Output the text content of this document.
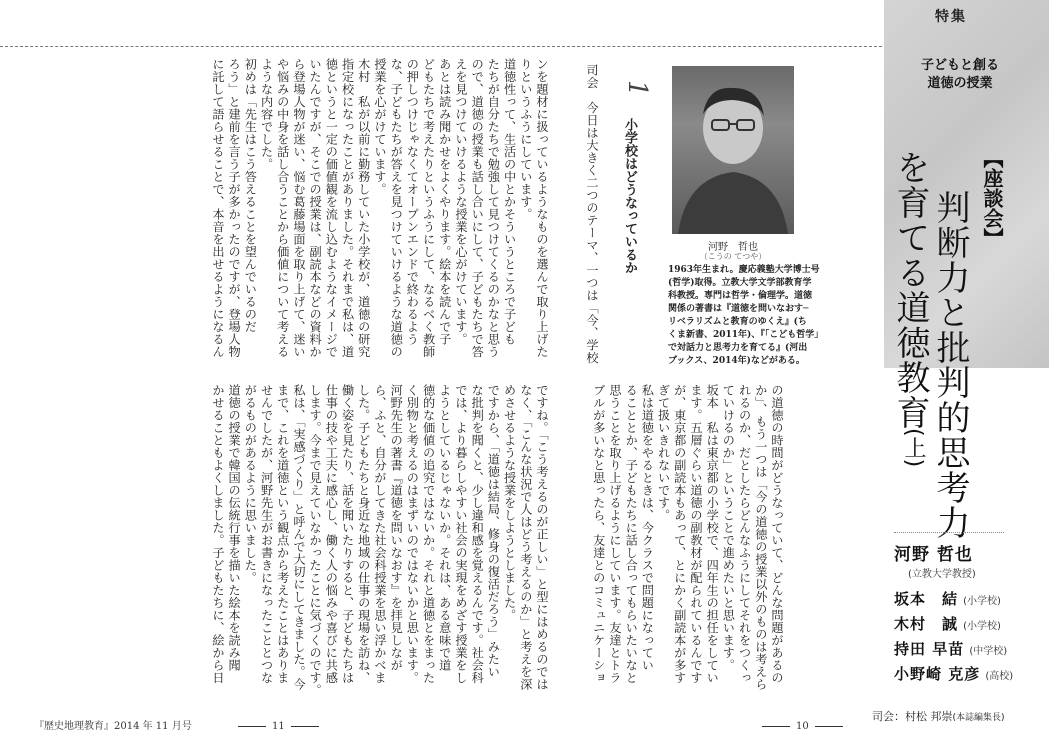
特集
子どもと創る
道徳の授業
【座談会】
判断力と批判的思考力
を育てる道徳教育
(上)
河野　哲也
（こうの てつや）
1963年生まれ。慶応義塾大学博士号
(哲学)取得。立教大学文学部教育学
科教授。専門は哲学・倫理学。道徳
関係の著書は『道徳を問いなおす─
リベラリズムと教育のゆくえ』(ち
くま新書、2011年)、『「こども哲学」
で対話力と思考力を育てる』(河出
ブックス、2014年)などがある。
1
小学校はどうなっているか
司会　今日は大きく二つのテーマ、一つは「今、学校
の道徳の時間がどうなっていて、どんな問題があるの
か」、もう一つは「今の道徳の授業以外のものは考えら
れるのか、だとしたらどんなふうにしてそれをつくっ
ていけるのか」ということで進めたいと思います。
坂本　私は東京都の小学校で、四年生の担任をしてい
ます。五層ぐらい道徳の副教材が配られているんです
が、東京都の副読本もあって、とにかく副読本が多す
ぎて扱いきれないです。
私は道徳をやるときは、今クラスで問題になってい
ることとか、子どもたちに話し合ってもらいたいなと
思うことを取り上げるようにしています。友達とトラ
ブルが多いなと思ったら、友達とのコミュニケーショ	河野 哲也
(立教大学教授)
坂本　結 (小学校)
木村　誠 (小学校)
持田 早苗 (中学校)
小野崎 克彦 (高校)
司会：村松 邦崇(本誌編集長)
ンを題材に扱っているようなものを選んで取り上げた
りというふうにしています。
道徳性って、生活の中とかそういうところで子ども
たちが自分たちで勉強して見つけてくるのかなと思う
ので、道徳の授業も話し合いにして、子どもたちで答
えを見つけていけるような授業を心がけています。
あとは読み聞かせをよくやります。絵本を読んで子
どもたちで考えたりというふうにして、なるべく教師
の押しつけじゃなくてオープンエンドで終わるよう
な、子どもたちが答えを見つけていけるような道徳の
授業を心がけています。
木村　私が以前に勤務していた小学校が、道徳の研究
指定校になったことがありました。それまで私は、道
徳というと一定の価値観を流し込むようなイメージで
いたんですが、そこでの授業は、副読本などの資料か
ら登場人物が迷い、悩む葛藤場面を取り上げて、迷い
や悩みの中身を話し合うことから価値について考える
ような内容でした。
初めは「先生はこう答えることを望んでいるのだ
ろう」と建前を言う子が多かったのですが、登場人物
に託して語らせることで、本音を出せるようになるん
ですね。「こう考えるのが正しい」と型にはめるのでは
なく、「こんな状況で人はどう考えるのか」と考えを深
めさせるような授業をしようとしました。
ですから、「道徳は結局、修身の復活だろう」みたい
な批判を聞くと、少し違和感を覚えるんです。社会科
では、より暮らしやすい社会の実現をめざす授業をし
ようとしているじゃないか。それは、ある意味で道
徳的な価値の追究ではないか。それと道徳とをまった
く別物と考えるのはまずいのではないかと思います。
河野先生の著書『道徳を問いなおす』を拝見しなが
ら、ふと、自分がしてきた社会科授業を思い浮かべま
した。子どもたちと身近な地域の仕事の現場を訪ね、
働く姿を見たり、話を聞いたりすると、子どもたちは
仕事の技や工夫に感心し、働く人の悩みや喜びに共感
します。今まで見えていなかったことに気づくのです。
私は、「実感づくり」と呼んで大切にしてきました。今
まで、これを道徳という観点から考えたことはありま
せんでしたが、河野先生がお書きになったこととつな
がるものがあるように思いました。
道徳の授業で韓国の伝統行事を描いた絵本を読み聞
かせることもよくしました。子どもたちに、絵から日
『歴史地理教育』2014 年 11 月号	11	10
